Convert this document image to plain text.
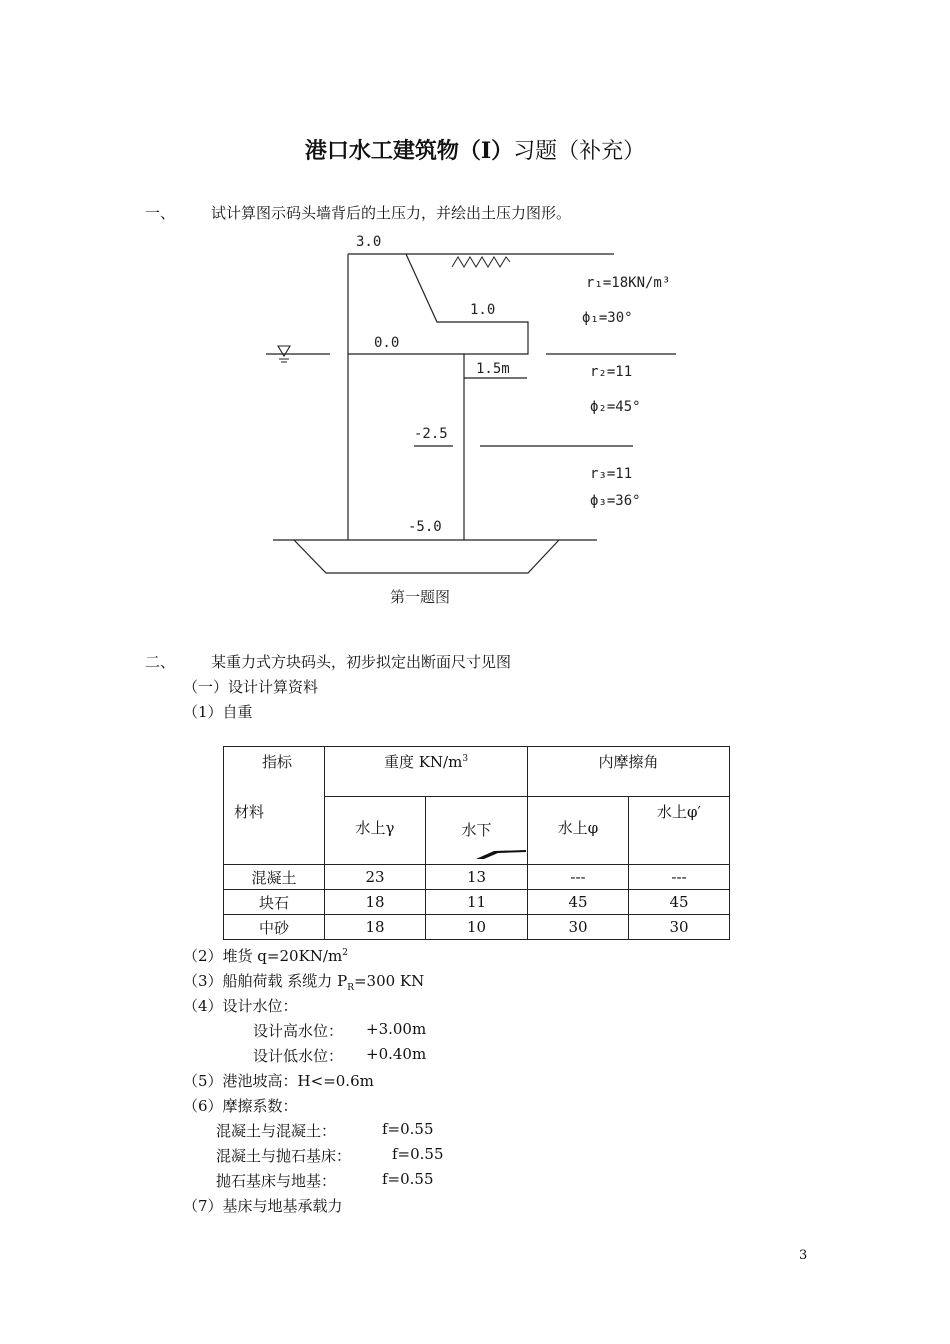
港口水工建筑物（I）习题（补充）
一、 试计算图示码头墙背后的土压力，并绘出土压力图形。
3.0
1.0
0.0
1.5m
-2.5
-5.0
r₁=18KN/m³
ϕ₁=30°
r₂=11
ϕ₂=45°
r₃=11
ϕ₃=36°
第一题图
二、 某重力式方块码头，初步拟定出断面尺寸见图
（一）设计计算资料
（1）自重
指标
材料	重度 $KN/m^3$		内摩擦角	
	水上γ	水下	水上φ	水上φ′
混凝土	23	13	---	---
块石	18	11	45	45
中砂	18	10	30	30
（2）堆货 $q=20KN/m^2$
（3）船舶荷载 系缆力 $P_R=300$ KN
（4）设计水位：
设计高水位： +3.00m
设计低水位： +0.40m
（5）港池坡高：H<=0.6m
（6）摩擦系数：
混凝土与混凝土：	f=0.55
混凝土与抛石基床：	f=0.55
抛石基床与地基：	f=0.55
（7）基床与地基承载力
3
